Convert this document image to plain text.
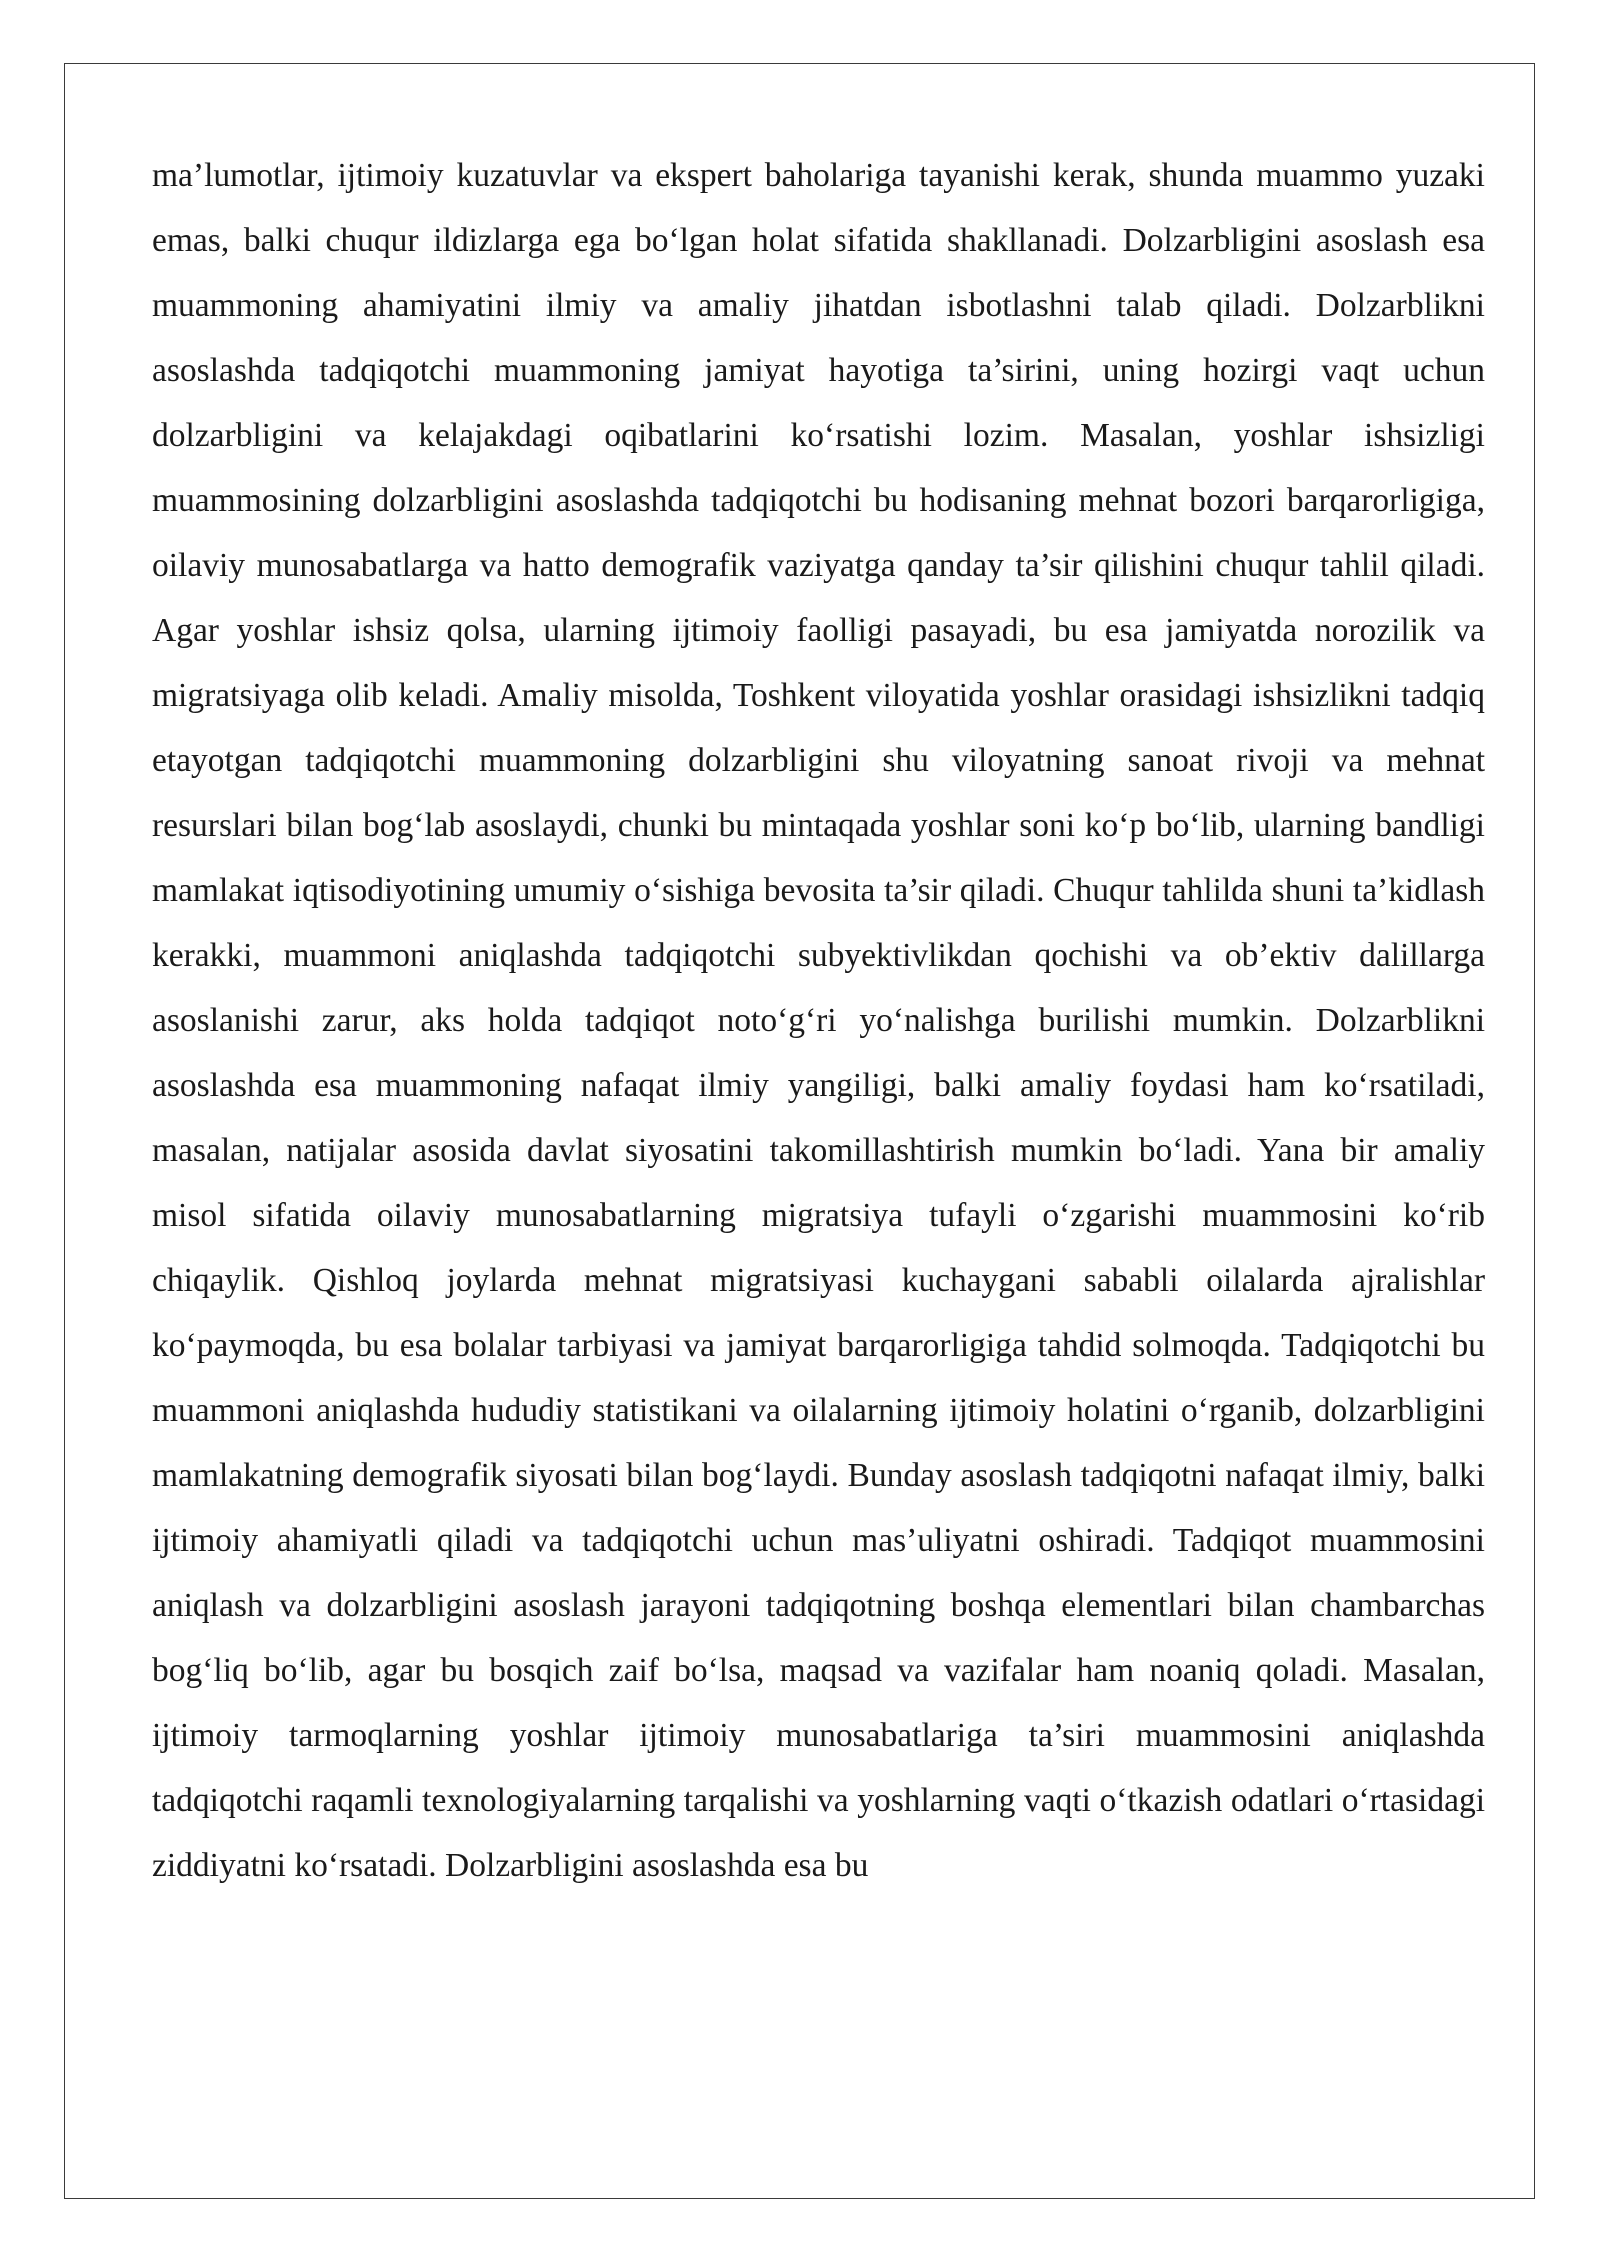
ma’lumotlar, ijtimoiy kuzatuvlar va ekspert baholariga tayanishi kerak, shunda muammo yuzaki emas, balki chuqur ildizlarga ega bo‘lgan holat sifatida shakllanadi. Dolzarbligini asoslash esa muammoning ahamiyatini ilmiy va amaliy jihatdan isbotlashni talab qiladi. Dolzarblikni asoslashda tadqiqotchi muammoning jamiyat hayotiga ta’sirini, uning hozirgi vaqt uchun dolzarbligini va kelajakdagi oqibatlarini ko‘rsatishi lozim. Masalan, yoshlar ishsizligi muammosining dolzarbligini asoslashda tadqiqotchi bu hodisaning mehnat bozori barqarorligiga, oilaviy munosabatlarga va hatto demografik vaziyatga qanday ta’sir qilishini chuqur tahlil qiladi. Agar yoshlar ishsiz qolsa, ularning ijtimoiy faolligi pasayadi, bu esa jamiyatda norozilik va migratsiyaga olib keladi. Amaliy misolda, Toshkent viloyatida yoshlar orasidagi ishsizlikni tadqiq etayotgan tadqiqotchi muammoning dolzarbligini shu viloyatning sanoat rivoji va mehnat resurslari bilan bog‘lab asoslaydi, chunki bu mintaqada yoshlar soni ko‘p bo‘lib, ularning bandligi mamlakat iqtisodiyotining umumiy o‘sishiga bevosita ta’sir qiladi. Chuqur tahlilda shuni ta’kidlash kerakki, muammoni aniqlashda tadqiqotchi subyektivlikdan qochishi va ob’ektiv dalillarga asoslanishi zarur, aks holda tadqiqot noto‘g‘ri yo‘nalishga burilishi mumkin. Dolzarblikni asoslashda esa muammoning nafaqat ilmiy yangiligi, balki amaliy foydasi ham ko‘rsatiladi, masalan, natijalar asosida davlat siyosatini takomillashtirish mumkin bo‘ladi. Yana bir amaliy misol sifatida oilaviy munosabatlarning migratsiya tufayli o‘zgarishi muammosini ko‘rib chiqaylik. Qishloq joylarda mehnat migratsiyasi kuchaygani sababli oilalarda ajralishlar ko‘paymoqda, bu esa bolalar tarbiyasi va jamiyat barqarorligiga tahdid solmoqda. Tadqiqotchi bu muammoni aniqlashda hududiy statistikani va oilalarning ijtimoiy holatini o‘rganib, dolzarbligini mamlakatning demografik siyosati bilan bog‘laydi. Bunday asoslash tadqiqotni nafaqat ilmiy, balki ijtimoiy ahamiyatli qiladi va tadqiqotchi uchun mas’uliyatni oshiradi. Tadqiqot muammosini aniqlash va dolzarbligini asoslash jarayoni tadqiqotning boshqa elementlari bilan chambarchas bog‘liq bo‘lib, agar bu bosqich zaif bo‘lsa, maqsad va vazifalar ham noaniq qoladi. Masalan, ijtimoiy tarmoqlarning yoshlar ijtimoiy munosabatlariga ta’siri muammosini aniqlashda tadqiqotchi raqamli texnologiyalarning tarqalishi va yoshlarning vaqti o‘tkazish odatlari o‘rtasidagi ziddiyatni ko‘rsatadi. Dolzarbligini asoslashda esa bu
